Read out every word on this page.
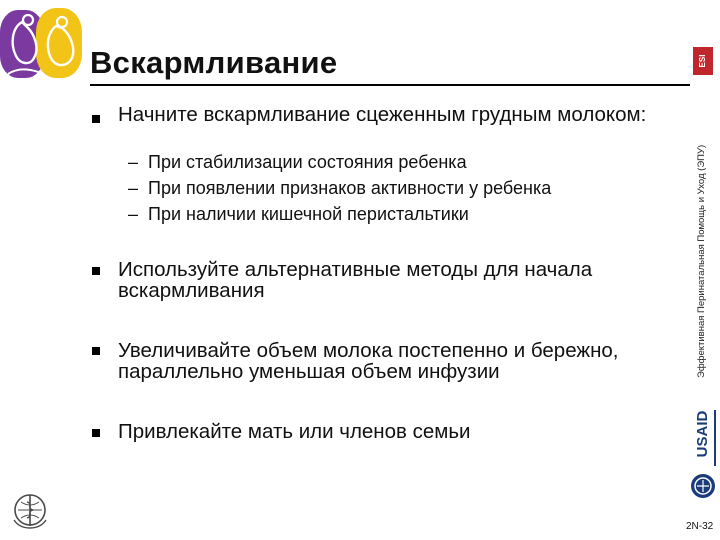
Вскармливание	ESI
Эффективная Перинатальная Помощь и Уход (ЭПУ)
USAID
2N-32
Начните вскармливание сцеженным грудным молоком:
– При стабилизации состояния ребенка
– При появлении признаков активности у ребенка
– При наличии кишечной перистальтики
Используйте альтернативные методы для начала вскармливания
Увеличивайте объем молока постепенно и бережно, параллельно уменьшая объем инфузии
Привлекайте мать или членов семьи
